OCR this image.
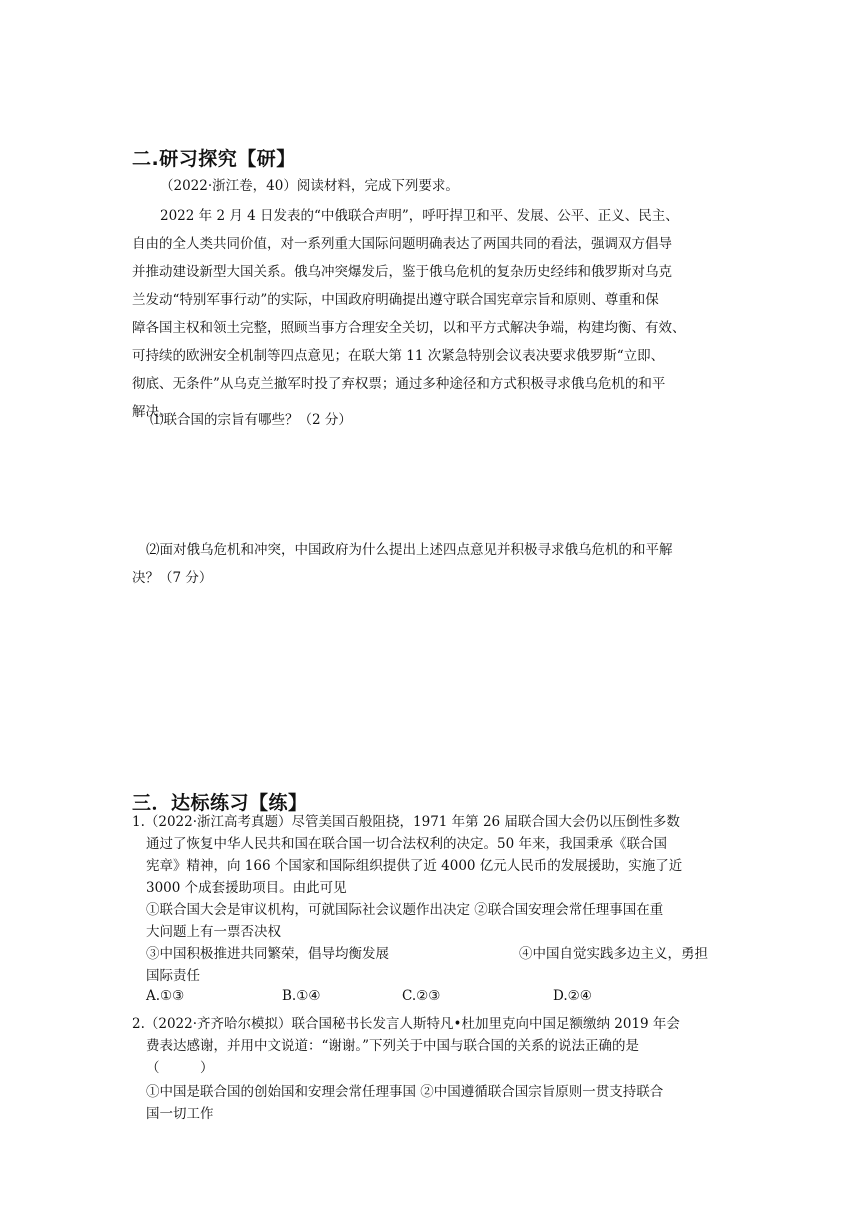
二.研习探究【研】
（2022·浙江卷，40）阅读材料，完成下列要求。
2022 年 2 月 4 日发表的“中俄联合声明”，呼吁捍卫和平、发展、公平、正义、民主、
自由的全人类共同价值，对一系列重大国际问题明确表达了两国共同的看法，强调双方倡导
并推动建设新型大国关系。俄乌冲突爆发后，鉴于俄乌危机的复杂历史经纬和俄罗斯对乌克
兰发动“特别军事行动”的实际，中国政府明确提出遵守联合国宪章宗旨和原则、尊重和保
障各国主权和领土完整，照顾当事方合理安全关切，以和平方式解决争端，构建均衡、有效、
可持续的欧洲安全机制等四点意见；在联大第 11 次紧急特别会议表决要求俄罗斯“立即、
彻底、无条件”从乌克兰撤军时投了弃权票；通过多种途径和方式积极寻求俄乌危机的和平
解决。
⑴联合国的宗旨有哪些？（2 分）
⑵面对俄乌危机和冲突，中国政府为什么提出上述四点意见并积极寻求俄乌危机的和平解
决？（7 分）
三．达标练习【练】
1.（2022·浙江高考真题）尽管美国百般阻挠，1971 年第 26 届联合国大会仍以压倒性多数
通过了恢复中华人民共和国在联合国一切合法权利的决定。50 年来，我国秉承《联合国
宪章》精神，向 166 个国家和国际组织提供了近 4000 亿元人民币的发展援助，实施了近
3000 个成套援助项目。由此可见
①联合国大会是审议机构，可就国际社会议题作出决定 ②联合国安理会常任理事国在重
大问题上有一票否决权
③中国积极推进共同繁荣，倡导均衡发展	④中国自觉实践多边主义，勇担
国际责任
A.①③	B.①④	C.②③	D.②④
2.（2022·齐齐哈尔模拟）联合国秘书长发言人斯特凡•杜加里克向中国足额缴纳 2019 年会
费表达感谢，并用中文说道：“谢谢。”下列关于中国与联合国的关系的说法正确的是
（　　　）
①中国是联合国的创始国和安理会常任理事国 ②中国遵循联合国宗旨原则一贯支持联合
国一切工作
